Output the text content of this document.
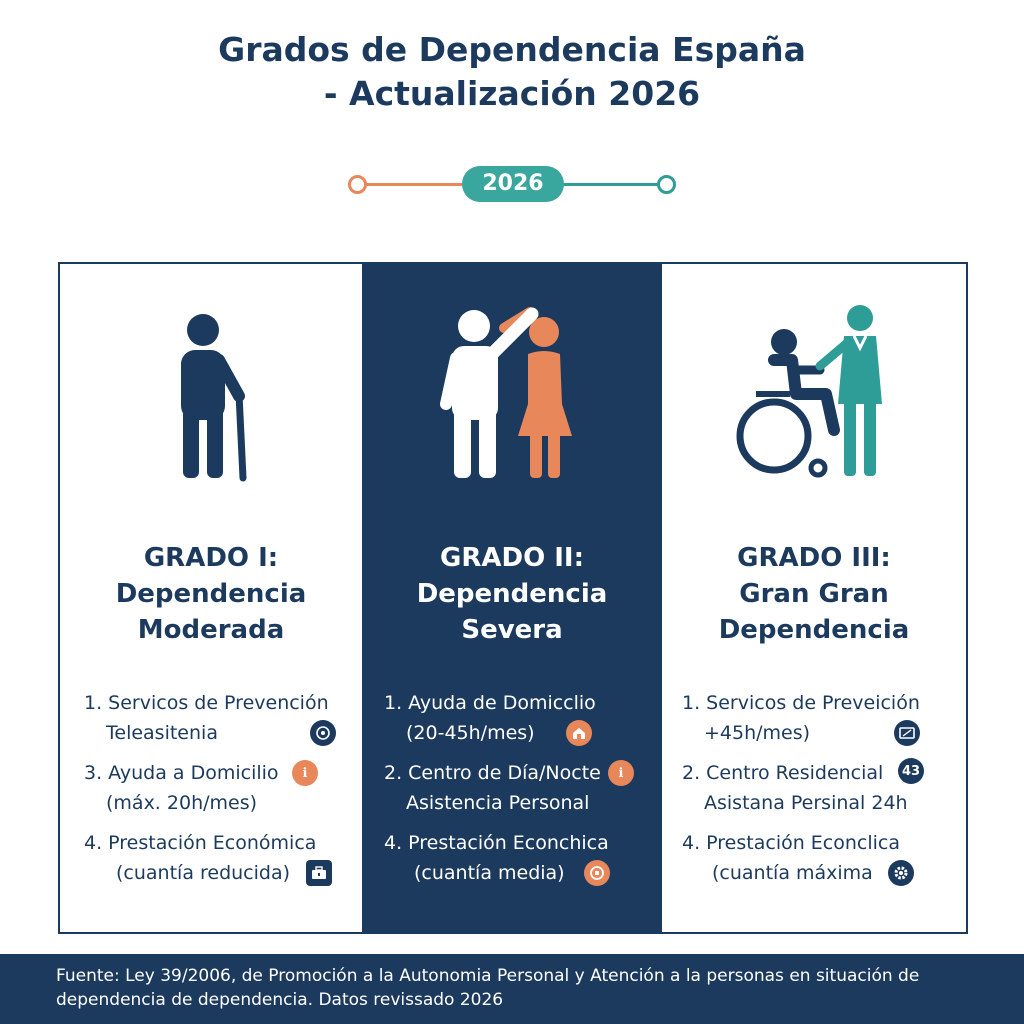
Grados de Dependencia España
- Actualización 2026
2026
GRADO I:
Dependencia
Moderada
1. Servicos de Prevención
Teleasitenia
3. Ayuda a Domicilio
(máx. 20h/mes)
ℹ
4. Prestación Económica
(cuantía reducida)
GRADO II:
Dependencia
Severa
1. Ayuda de Domicclio
(20-45h/mes)
2. Centro de Día/Nocte
Asistencia Personal
ℹ
4. Prestación Econchica
(cuantía media)
GRADO III:
Gran Gran
Dependencia
1. Servicos de Preveición
+45h/mes)
2. Centro Residencial
Asistana Persinal 24h
43
4. Prestación Econclica
(cuantía máxima
Fuente: Ley 39/2006, de Promoción a la Autonomia Personal y Atención a la personas en situación de
dependencia de dependencia. Datos revissado 2026
